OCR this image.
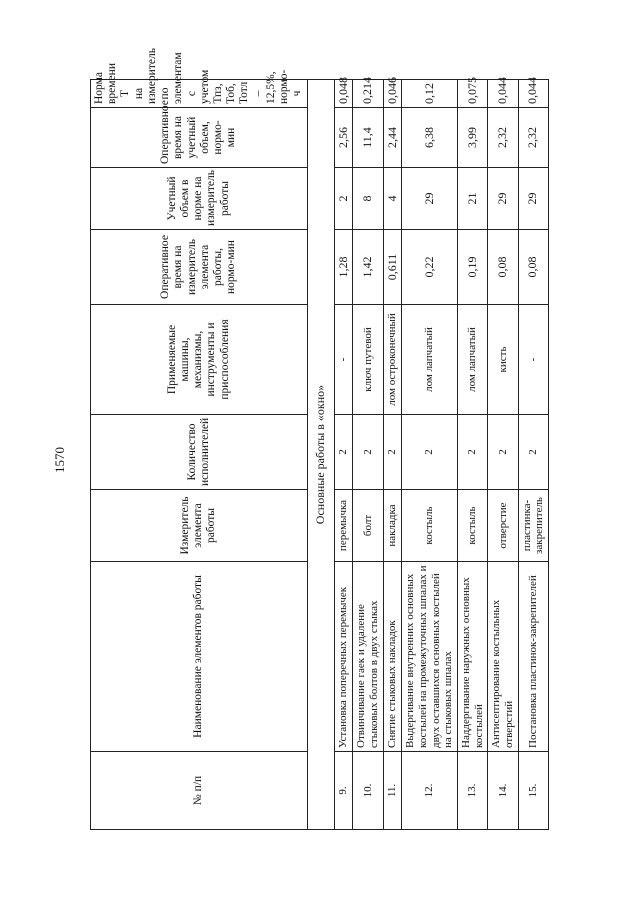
1570
№ п/п	Наименование элементов работы	Измеритель элемента работы	Количество исполнителей	Применяемые машины, механизмы, инструменты и приспособления	Оперативное время на измеритель элемента работы, нормо-мин	Учетный объем в норме на измеритель работы	Оперативное время на учетный объем, нормо-мин	Норма времени Т на измеритель по элементам с учетом Тпз, Тоб, Тотл – 12,5%, нормо-ч
Основные работы в «окно»								
9.	Установка поперечных перемычек	перемычка	2	-	1,28	2	2,56	0,048
10.	Отвинчивание гаек и удаление стыковых болтов в двух стыках	болт	2	ключ путевой	1,42	8	11,4	0,214
11.	Снятие стыковых накладок	накладка	2	лом остроконечный	0,611	4	2,44	0,046
12.	Выдергивание внутренних основных костылей на промежуточных шпалах и двух оставшихся основных костылей на стыковых шпалах	костыль	2	лом лапчатый	0,22	29	6,38	0,12
13.	Наддергивание наружных основных костылей	костыль	2	лом лапчатый	0,19	21	3,99	0,075
14.	Антисептирование костыльных отверстий	отверстие	2	кисть	0,08	29	2,32	0,044
15.	Постановка пластинок-закрепителей	пластинка-закрепитель	2	-	0,08	29	2,32	0,044
